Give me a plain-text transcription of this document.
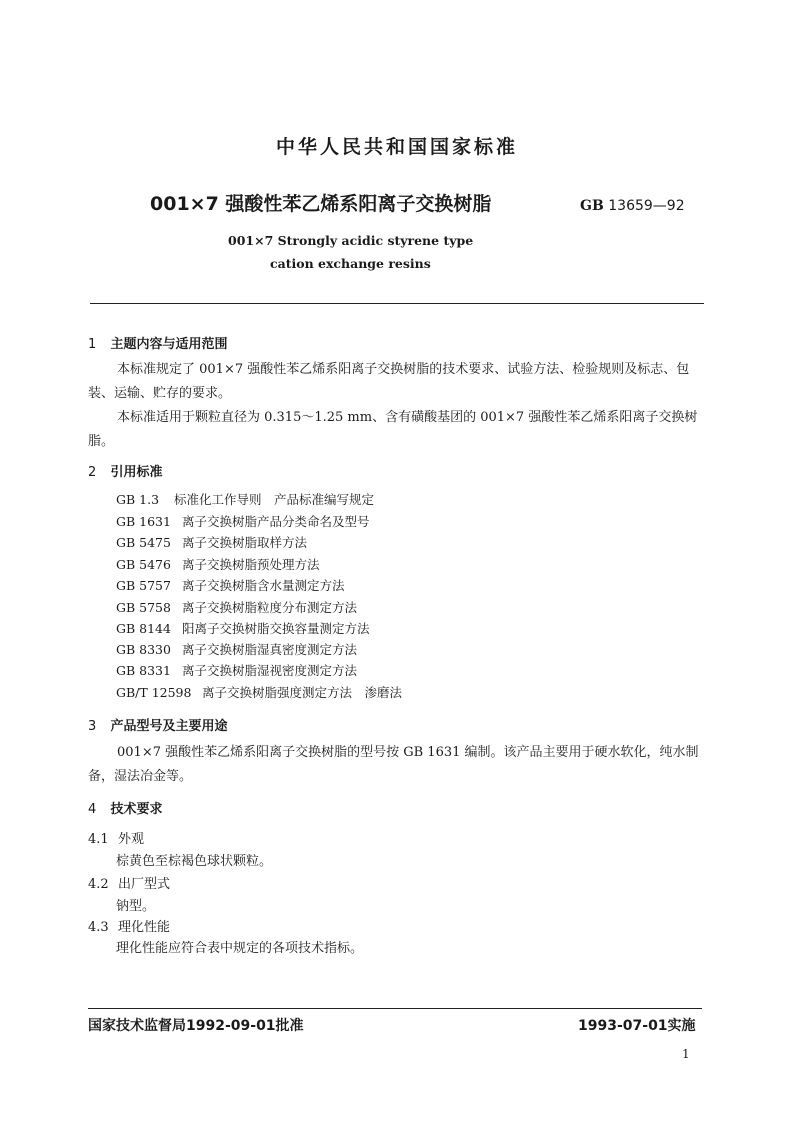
中华人民共和国国家标准
001×7 强酸性苯乙烯系阳离子交换树脂	GB 13659—92
001×7 Strongly acidic styrene type
cation exchange resins
1 主题内容与适用范围
本标准规定了 001×7 强酸性苯乙烯系阳离子交换树脂的技术要求、试验方法、检验规则及标志、包装、运输、贮存的要求。
本标准适用于颗粒直径为 0.315～1.25 mm、含有磺酸基团的 001×7 强酸性苯乙烯系阳离子交换树脂。
2 引用标准
GB 1.3 标准化工作导则　产品标准编写规定
GB 1631 离子交换树脂产品分类命名及型号
GB 5475 离子交换树脂取样方法
GB 5476 离子交换树脂预处理方法
GB 5757 离子交换树脂含水量测定方法
GB 5758 离子交换树脂粒度分布测定方法
GB 8144 阳离子交换树脂交换容量测定方法
GB 8330 离子交换树脂湿真密度测定方法
GB 8331 离子交换树脂湿视密度测定方法
GB/T 12598 离子交换树脂强度测定方法　渗磨法
3 产品型号及主要用途
001×7 强酸性苯乙烯系阳离子交换树脂的型号按 GB 1631 编制。该产品主要用于硬水软化，纯水制备，湿法冶金等。
4 技术要求
4.1 外观
棕黄色至棕褐色球状颗粒。
4.2 出厂型式
钠型。
4.3 理化性能
理化性能应符合表中规定的各项技术指标。
国家技术监督局1992-09-01批准	1993-07-01实施
1
